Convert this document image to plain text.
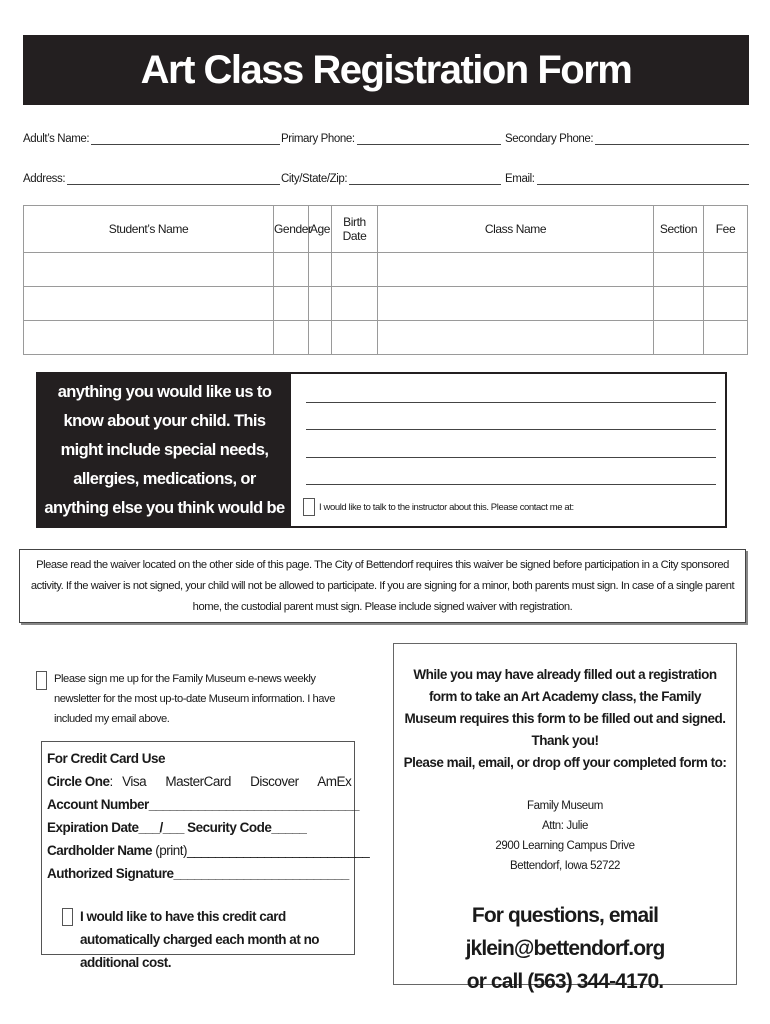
Art Class Registration Form
Adult’s Name:	Primary Phone:	Secondary Phone:
Address:	City/State/Zip:	Email:
Student’s Name	Gender	Age	Birth Date	Class Name	Section	Fee

Please let us know if there is anything you would like us to know about your child. This might include special needs, allergies, medications, or anything else you think would be helpful.
I would like to talk to the instructor about this. Please contact me at:
Please read the waiver located on the other side of this page. The City of Bettendorf requires this waiver be signed before participation in a City sponsored activity. If the waiver is not signed, your child will not be allowed to participate. If you are signing for a minor, both parents must sign. In case of a single parent home, the custodial parent must sign. Please include signed waiver with registration.
Please sign me up for the Family Museum e-news weekly newsletter for the most up-to-date Museum information. I have included my email above.
For Credit Card Use
Circle One: Visa MasterCard Discover AmEx
Account Number______________________________
Expiration Date___/___ Security Code_____
Cardholder Name (print)__________________________
Authorized Signature_________________________
I would like to have this credit card automatically charged each month at no additional cost.
While you may have already filled out a registration form to take an Art Academy class, the Family Museum requires this form to be filled out and signed. Thank you!
Please mail, email, or drop off your completed form to:
Family Museum
Attn: Julie
2900 Learning Campus Drive
Bettendorf, Iowa 52722
For questions, email jklein@bettendorf.org
or call (563) 344-4170.
